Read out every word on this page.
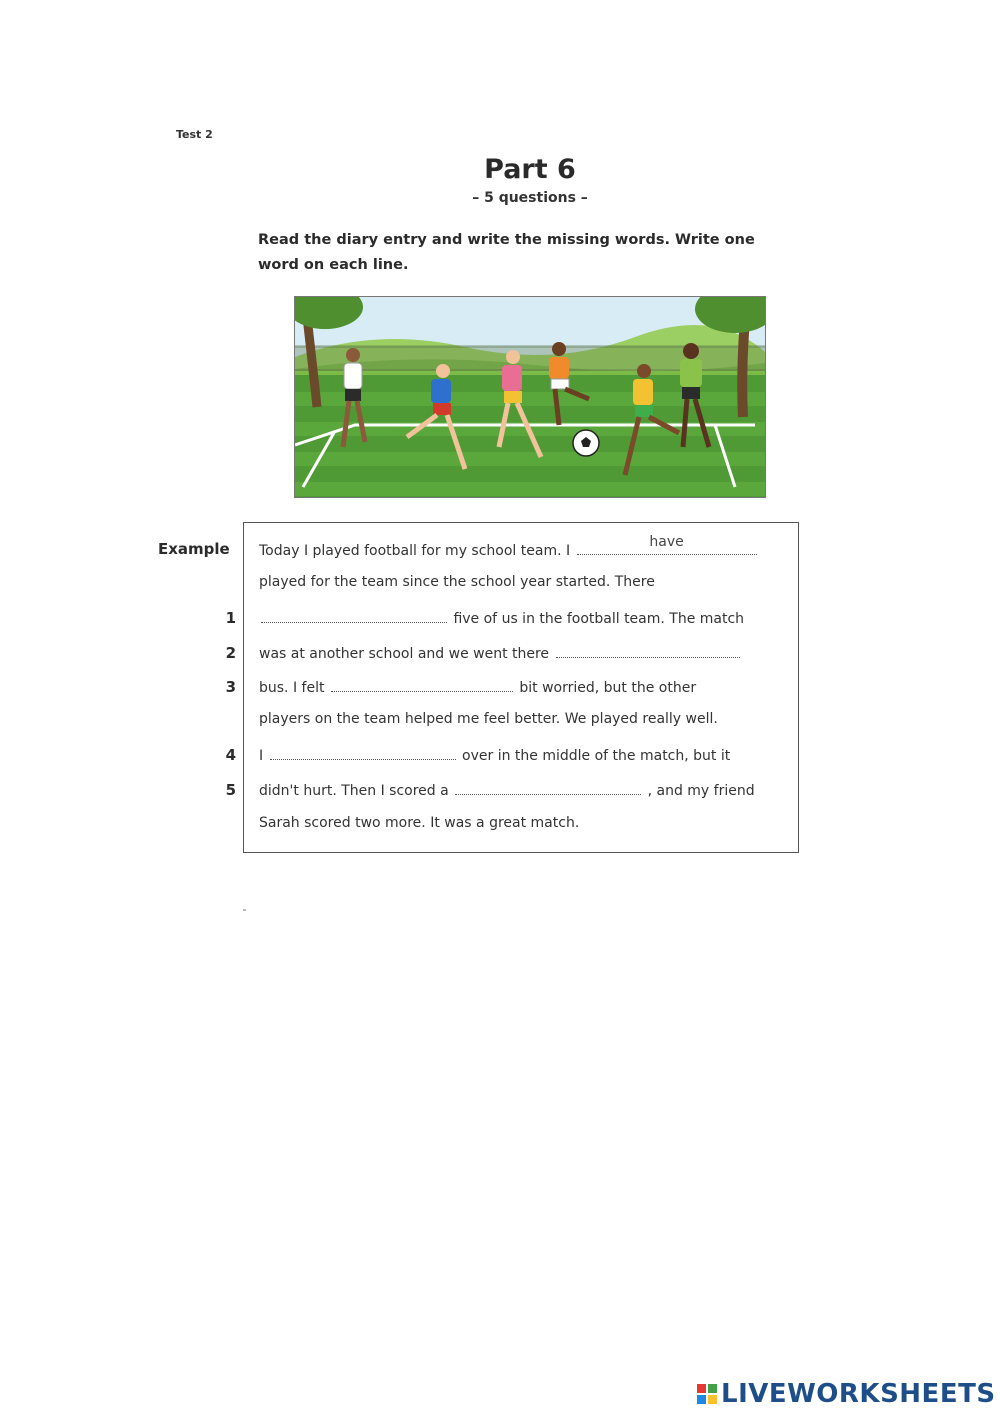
Test 2
Part 6
– 5 questions –
Read the diary entry and write the missing words. Write one word on each line.
Example
1
2
3
4
5
Today I played football for my school team. I
have
played for the team since the school year started. There
five of us in the football team. The match
was at another school and we went there
bus. I felt	bit worried, but the other
players on the team helped me feel better. We played really well.
I	over in the middle of the match, but it
didn't hurt. Then I scored a	, and my friend
Sarah scored two more. It was a great match.
LIVEWORKSHEETS
